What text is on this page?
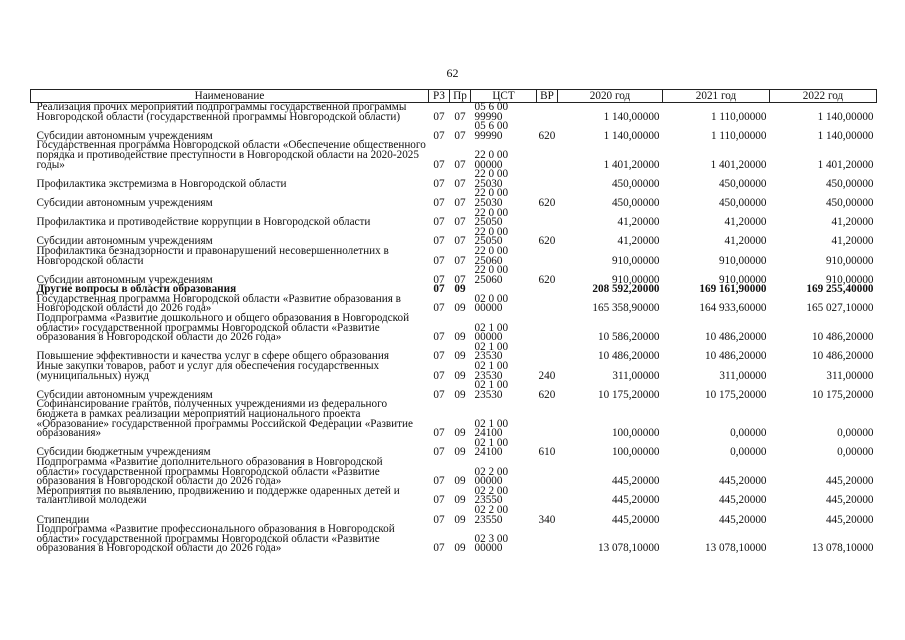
62
Наименование	РЗ	Пр	ЦСТ	ВР	2020 год	2021 год	2022 год
Реализация прочих мероприятий подпрограммы государственной программы Новгородской области (государственной программы Новгородской области)	07	07	05 6 00 99990		1 140,00000	1 110,00000	1 140,00000
Субсидии автономным учреждениям	07	07	05 6 00 99990	620	1 140,00000	1 110,00000	1 140,00000
Государственная программа Новгородской области «Обеспечение общественного порядка и противодействие преступности в Новгородской области на 2020-2025 годы»	07	07	22 0 00 00000		1 401,20000	1 401,20000	1 401,20000
Профилактика экстремизма в Новгородской области	07	07	22 0 00 25030		450,00000	450,00000	450,00000
Субсидии автономным учреждениям	07	07	22 0 00 25030	620	450,00000	450,00000	450,00000
Профилактика и противодействие коррупции в Новгородской области	07	07	22 0 00 25050		41,20000	41,20000	41,20000
Субсидии автономным учреждениям	07	07	22 0 00 25050	620	41,20000	41,20000	41,20000
Профилактика безнадзорности и правонарушений несовершеннолетних в Новгородской области	07	07	22 0 00 25060		910,00000	910,00000	910,00000
Субсидии автономным учреждениям	07	07	22 0 00 25060	620	910,00000	910,00000	910,00000
Другие вопросы в области образования	07	09			208 592,20000	169 161,90000	169 255,40000
Государственная программа Новгородской области «Развитие образования в Новгородской области до 2026 года»	07	09	02 0 00 00000		165 358,90000	164 933,60000	165 027,10000
Подпрограмма «Развитие дошкольного и общего образования в Новгородской области» государственной программы Новгородской области «Развитие образования в Новгородской области до 2026 года»	07	09	02 1 00 00000		10 586,20000	10 486,20000	10 486,20000
Повышение эффективности и качества услуг в сфере общего образования	07	09	02 1 00 23530		10 486,20000	10 486,20000	10 486,20000
Иные закупки товаров, работ и услуг для обеспечения государственных (муниципальных) нужд	07	09	02 1 00 23530	240	311,00000	311,00000	311,00000
Субсидии автономным учреждениям	07	09	02 1 00 23530	620	10 175,20000	10 175,20000	10 175,20000
Софинансирование грантов, полученных учреждениями из федерального бюджета в рамках реализации мероприятий национального проекта «Образование» государственной программы Российской Федерации «Развитие образования»	07	09	02 1 00 24100		100,00000	0,00000	0,00000
Субсидии бюджетным учреждениям	07	09	02 1 00 24100	610	100,00000	0,00000	0,00000
Подпрограмма «Развитие дополнительного образования в Новгородской области» государственной программы Новгородской области «Развитие образования в Новгородской области до 2026 года»	07	09	02 2 00 00000		445,20000	445,20000	445,20000
Мероприятия по выявлению, продвижению и поддержке одаренных детей и талантливой молодежи	07	09	02 2 00 23550		445,20000	445,20000	445,20000
Стипендии	07	09	02 2 00 23550	340	445,20000	445,20000	445,20000
Подпрограмма «Развитие профессионального образования в Новгородской области» государственной программы Новгородской области «Развитие образования в Новгородской области до 2026 года»	07	09	02 3 00 00000		13 078,10000	13 078,10000	13 078,10000
